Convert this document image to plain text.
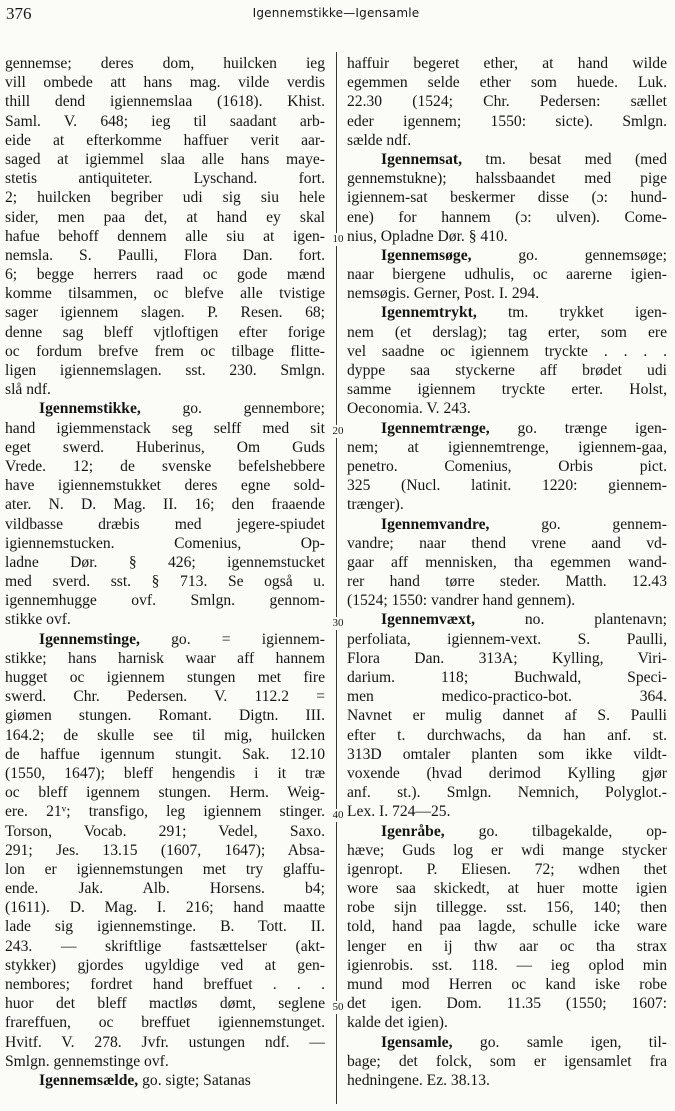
376	Igennemstikke—Igensamle
gennemse; deres dom, huilcken ieg
vill ombede att hans mag. vilde verdis
thill dend igiennemslaa (1618). Khist.
Saml. V. 648; ieg til saadant arb-
eide at efterkomme haffuer verit aar-
saged at igiemmel slaa alle hans maye-
stetis antiquiteter. Lyschand. fort.
2; huilcken begriber udi sig siu hele
sider, men paa det, at hand ey skal
hafue behoff dennem alle siu at igen-
nemsla. S. Paulli, Flora Dan. fort.
6; begge herrers raad oc gode mænd
komme tilsammen, oc blefve alle tvistige
sager igiennem slagen. P. Resen. 68;
denne sag bleff vjtloftigen efter forige
oc fordum brefve frem oc tilbage flitte-
ligen igiennemslagen. sst. 230. Smlgn.
slå ndf.
Igennemstikke, go. gennembore;
hand igiemmenstack seg selff med sit
eget swerd. Huberinus, Om Guds
Vrede. 12; de svenske befelshebbere
have igiennemstukket deres egne sold-
ater. N. D. Mag. II. 16; den fraaende
vildbasse dræbis med jegere-spiudet
igiennemstucken. Comenius, Op-
ladne Dør. § 426; igennemstucket
med sverd. sst. § 713. Se også u.
igennemhugge ovf. Smlgn. gennom-
stikke ovf.
Igennemstinge, go. = igiennem-
stikke; hans harnisk waar aff hannem
hugget oc igiennem stungen met fire
swerd. Chr. Pedersen. V. 112.2 =
giømen stungen. Romant. Digtn. III.
164.2; de skulle see til mig, huilcken
de haffue igennum stungit. Sak. 12.10
(1550, 1647); bleff hengendis i it træ
oc bleff igennem stungen. Herm. Weig-
ere. 21ᵛ; transfigo, leg igiennem stinger.
Torson, Vocab. 291; Vedel, Saxo.
291; Jes. 13.15 (1607, 1647); Absa-
lon er igiennemstungen met try glaffu-
ende. Jak. Alb. Horsens. b4;
(1611). D. Mag. I. 216; hand maatte
lade sig igiennemstinge. B. Tott. II.
243. — skriftlige fastsættelser (akt-
stykker) gjordes ugyldige ved at gen-
nembores; fordret hand breffuet . . .
huor det bleff mactløs dømt, seglene
frareffuen, oc breffuet igiennemstunget.
Hvitf. V. 278. Jvfr. ustungen ndf. —
Smlgn. gennemstinge ovf.
Igennemsælde, go. sigte; Satanas
haffuir begeret ether, at hand wilde
egemmen selde ether som huede. Luk.
22.30 (1524; Chr. Pedersen: sællet
eder igennem; 1550: sicte). Smlgn.
sælde ndf.
Igennemsat, tm. besat med (med
gennemstukne); halssbaandet med pige
igiennem-sat beskermer disse (ɔ: hund-
ene) for hannem (ɔ: ulven). Come-
nius, Opladne Dør. § 410.
Igennemsøge, go. gennemsøge;
naar biergene udhulis, oc aarerne igien-
nemsøgis. Gerner, Post. I. 294.
Igennemtrykt, tm. trykket igen-
nem (et derslag); tag erter, som ere
vel saadne oc igiennem tryckte . . . .
dyppe saa styckerne aff brødet udi
samme igiennem tryckte erter. Holst,
Oeconomia. V. 243.
Igennemtrænge, go. trænge igen-
nem; at igiennemtrenge, igiennem-gaa,
penetro. Comenius, Orbis pict.
325 (Nucl. latinit. 1220: giennem-
trænger).
Igennemvandre, go. gennem-
vandre; naar thend vrene aand vd-
gaar aff mennisken, tha egemmen wand-
rer hand tørre steder. Matth. 12.43
(1524; 1550: vandrer hand gennem).
Igennemvæxt, no. plantenavn;
perfoliata, igiennem-vext. S. Paulli,
Flora Dan. 313A; Kylling, Viri-
darium. 118; Buchwald, Speci-
men medico-practico-bot. 364.
Navnet er mulig dannet af S. Paulli
efter t. durchwachs, da han anf. st.
313D omtaler planten som ikke vildt-
voxende (hvad derimod Kylling gjør
anf. st.). Smlgn. Nemnich, Polyglot.-
Lex. I. 724—25.
Igenråbe, go. tilbagekalde, op-
hæve; Guds log er wdi mange stycker
igenropt. P. Eliesen. 72; wdhen thet
wore saa skickedt, at huer motte igien
robe sijn tillegge. sst. 156, 140; then
told, hand paa lagde, schulle icke ware
lenger en ij thw aar oc tha strax
igienrobis. sst. 118. — ieg oplod min
mund mod Herren oc kand iske robe
det igen. Dom. 11.35 (1550; 1607:
kalde det igien).
Igensamle, go. samle igen, til-
bage; det folck, som er igensamlet fra
hedningene. Ez. 38.13.
10
20
30
40
50
